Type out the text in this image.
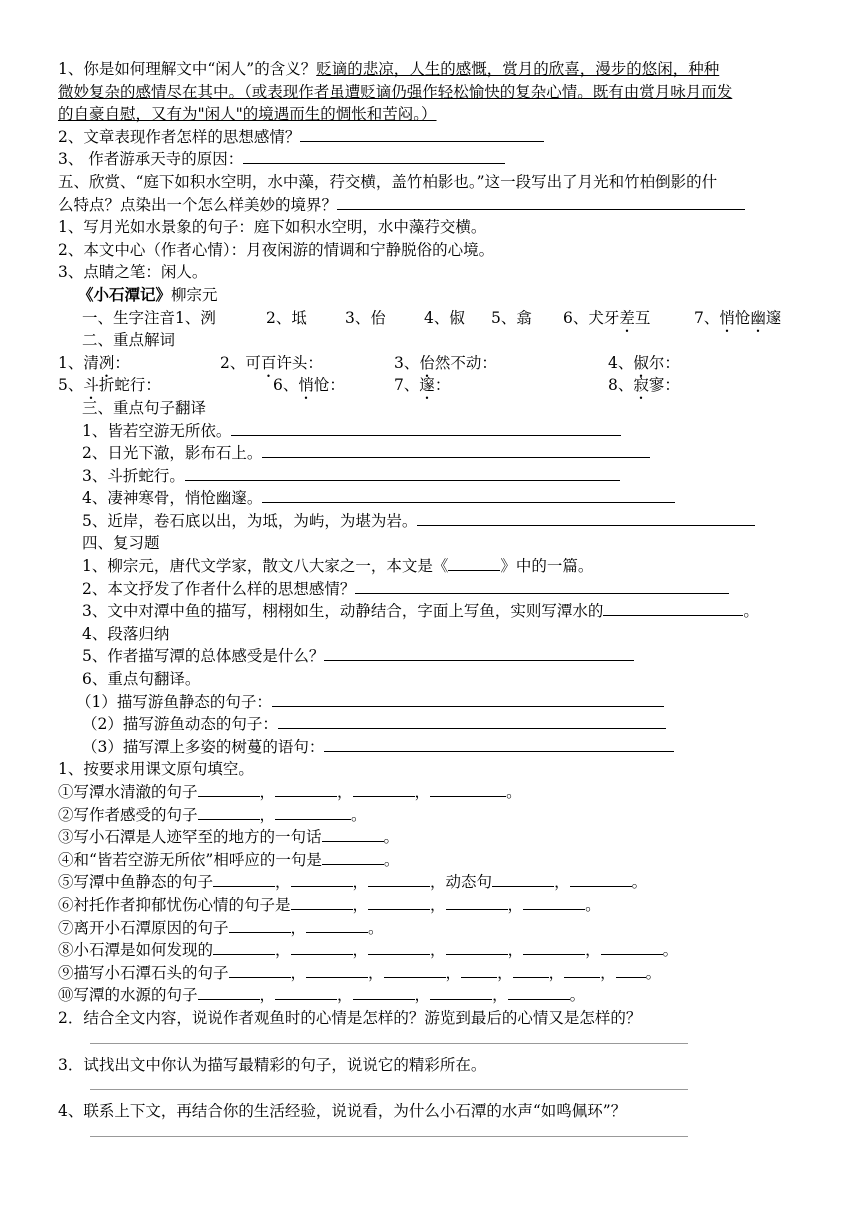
1、你是如何理解文中“闲人”的含义？贬谪的悲凉，人生的感慨，赏月的欣喜，漫步的悠闲，种种
微妙复杂的感情尽在其中。（或表现作者虽遭贬谪仍强作轻松愉快的复杂心情。既有由赏月咏月而发
的自豪自慰，又有为"闲人"的境遇而生的惆怅和苦闷。）
2、文章表现作者怎样的思想感情？
3、 作者游承天寺的原因：
五、欣赏、“庭下如积水空明，水中藻，荇交横，盖竹柏影也。”这一段写出了月光和竹柏倒影的什
么特点？点染出一个怎么样美妙的境界？
1、写月光如水景象的句子：庭下如积水空明，水中藻荇交横。
2、本文中心（作者心情）：月夜闲游的情调和宁静脱俗的心境。
3、点睛之笔：闲人。
《小石潭记》柳宗元
一、生字注音1、洌	2、坻 3、佁 4、俶 5、翕 6、犬牙差互	7、悄怆幽邃
二、重点解词
1、清冽：	2、可百许头：	3、佁然不动：	4、俶尔：
5、斗折蛇行：	6、悄怆：	7、邃：	8、寂寥：
三、重点句子翻译
1、皆若空游无所依。
2、日光下澈，影布石上。
3、斗折蛇行。
4、凄神寒骨，悄怆幽邃。
5、近岸，卷石底以出，为坻，为屿，为堪为岩。
四、复习题
1、柳宗元，唐代文学家，散文八大家之一，本文是《	》中的一篇。
2、本文抒发了作者什么样的思想感情？
3、文中对潭中鱼的描写，栩栩如生，动静结合，字面上写鱼，实则写潭水的	。
4、段落归纳
5、作者描写潭的总体感受是什么？
6、重点句翻译。
（1）描写游鱼静态的句子：
（2）描写游鱼动态的句子：
（3）描写潭上多姿的树蔓的语句：
1、按要求用课文原句填空。
①写潭水清澈的句子	，	，	，	。
②写作者感受的句子	，	。
③写小石潭是人迹罕至的地方的一句话	。
④和“皆若空游无所依”相呼应的一句是	。
⑤写潭中鱼静态的句子	，	，	，动态句	，	。
⑥衬托作者抑郁忧伤心情的句子是	，	，	，	。
⑦离开小石潭原因的句子	，	。
⑧小石潭是如何发现的	，	，	，	，	，	。
⑨描写小石潭石头的句子	，	，	， ， ， ， 。
⑩写潭的水源的句子	，	，	，	，	。
2．结合全文内容，说说作者观鱼时的心情是怎样的？游览到最后的心情又是怎样的？
3．试找出文中你认为描写最精彩的句子，说说它的精彩所在。
4、联系上下文，再结合你的生活经验，说说看，为什么小石潭的水声“如鸣佩环”？
